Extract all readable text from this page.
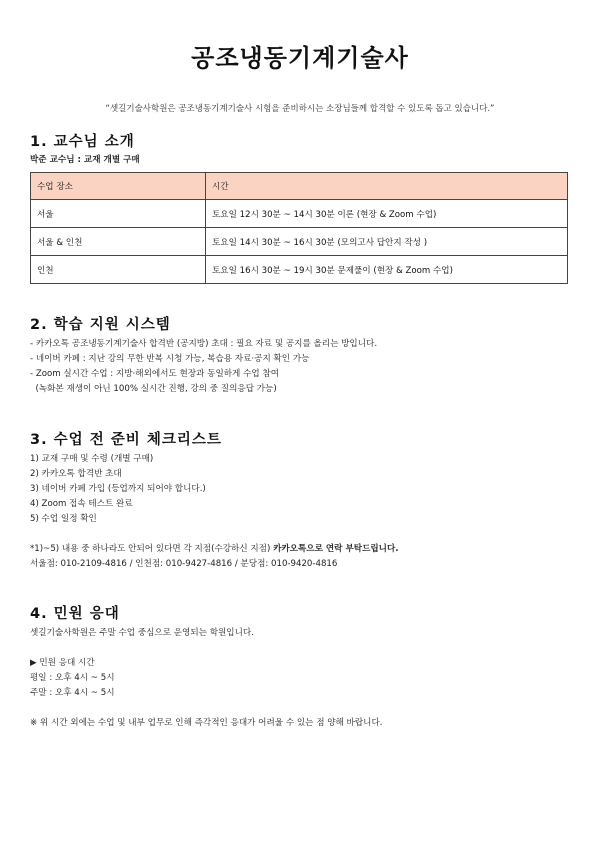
공조냉동기계기술사
“셋길기술사학원은 공조냉동기계기술사 시험을 준비하시는 소장님들께 합격할 수 있도록 돕고 있습니다.”
1. 교수님 소개
박준 교수님 : 교재 개별 구매
수업 장소	시간
서울	토요일 12시 30분 ~ 14시 30분 이론 (현장 & Zoom 수업)
서울 & 인천	토요일 14시 30분 ~ 16시 30분 (모의고사 답안지 작성 )
인천	토요일 16시 30분 ~ 19시 30분 문제풀이 (현장 & Zoom 수업)
2. 학습 지원 시스템
- 카카오톡 공조냉동기계기술사 합격반 (공지방) 초대 : 필요 자료 및 공지를 올리는 방입니다.
- 네이버 카페 : 지난 강의 무한 반복 시청 가능, 복습용 자료·공지 확인 가능
- Zoom 실시간 수업 : 지방·해외에서도 현장과 동일하게 수업 참여
(녹화본 재생이 아닌 100% 실시간 진행, 강의 중 질의응답 가능)
3. 수업 전 준비 체크리스트
1) 교재 구매 및 수령 (개별 구매)
2) 카카오톡 합격반 초대
3) 네이버 카페 가입 (등업까지 되어야 합니다.)
4) Zoom 접속 테스트 완료
5) 수업 일정 확인
*1)~5) 내용 중 하나라도 안되어 있다면 각 지점(수강하신 지점) 카카오톡으로 연락 부탁드립니다.
서울점: 010-2109-4816 / 인천점: 010-9427-4816 / 분당점: 010-9420-4816
4. 민원 응대
셋길기술사학원은 주말 수업 중심으로 운영되는 학원입니다.
▶ 민원 응대 시간
평일 : 오후 4시 ~ 5시
주말 : 오후 4시 ~ 5시
※ 위 시간 외에는 수업 및 내부 업무로 인해 즉각적인 응대가 어려울 수 있는 점 양해 바랍니다.
